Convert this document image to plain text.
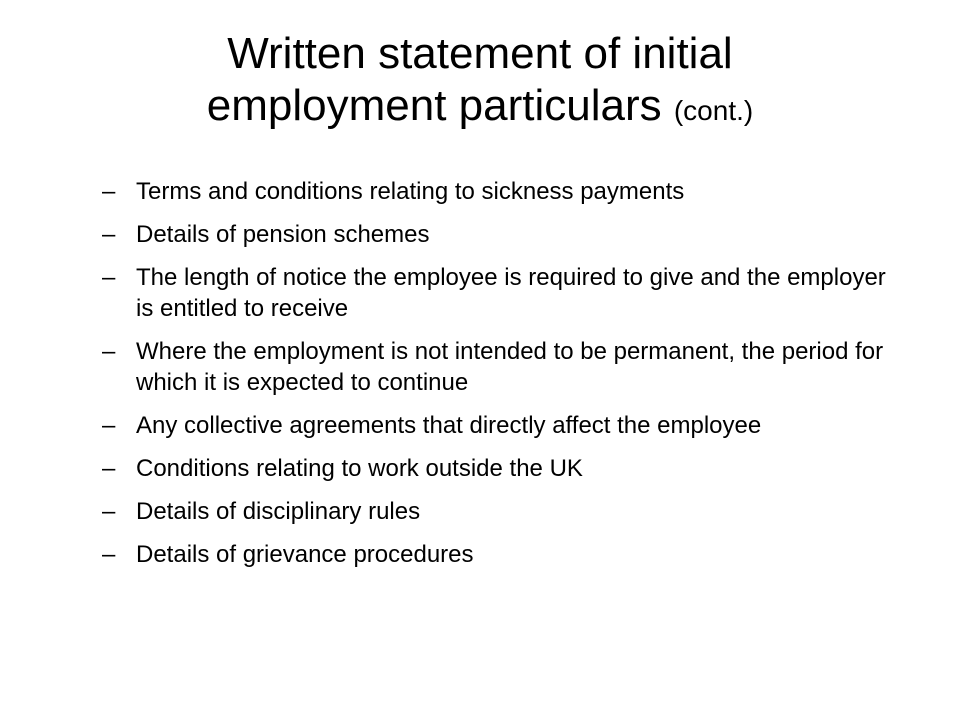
Written statement of initial
employment particulars (cont.)
– Terms and conditions relating to sickness payments
– Details of pension schemes
– The length of notice the employee is required to give and the employer is entitled to receive
– Where the employment is not intended to be permanent, the period for which it is expected to continue
– Any collective agreements that directly affect the employee
– Conditions relating to work outside the UK
– Details of disciplinary rules
– Details of grievance procedures
